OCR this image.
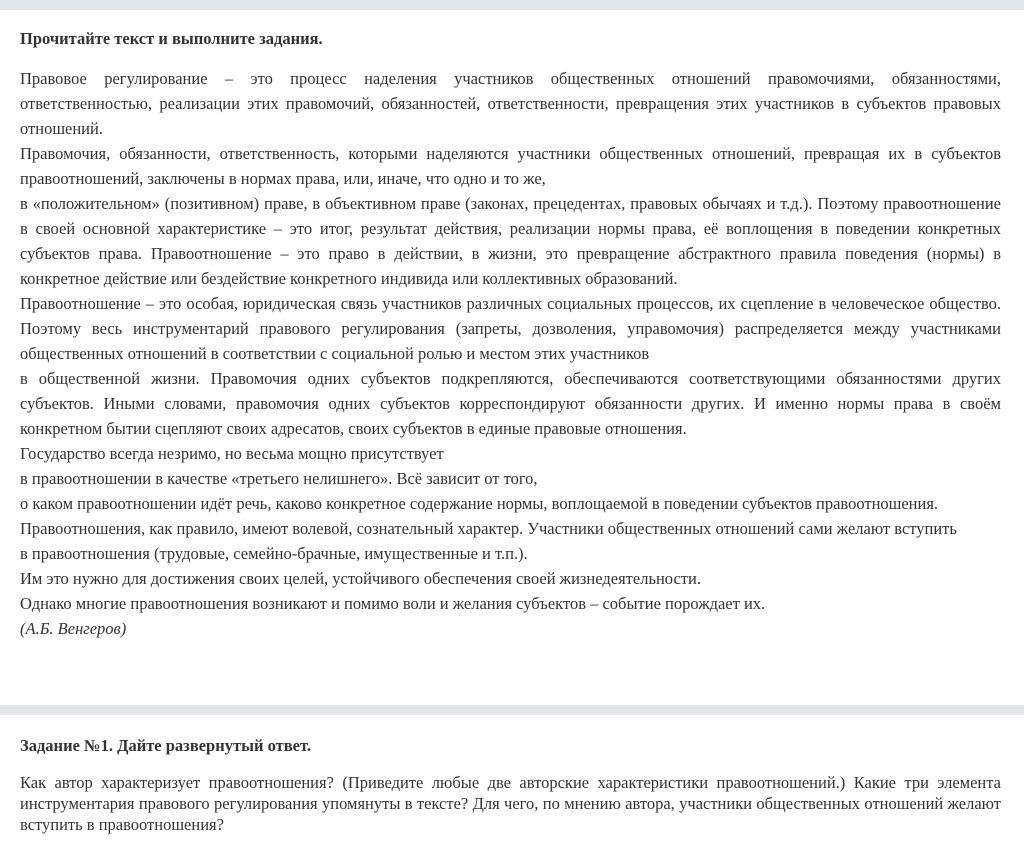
Прочитайте текст и выполните задания.

Правовое регулирование – это процесс наделения участников общественных отношений правомочиями, обязанностями, ответственностью, реализации этих правомочий, обязанностей, ответственности, превращения этих участников в субъектов правовых отношений.

Правомочия, обязанности, ответственность, которыми наделяются участники общественных отношений, превращая их в субъектов правоотношений, заключены в нормах права, или, иначе, что одно и то же,

в «положительном» (позитивном) праве, в объективном праве (законах, прецедентах, правовых обычаях и т.д.). Поэтому правоотношение в своей основной характеристике – это итог, результат действия, реализации нормы права, её воплощения в поведении конкретных субъектов права. Правоотношение – это право в действии, в жизни, это превращение абстрактного правила поведения (нормы) в конкретное действие или бездействие конкретного индивида или коллективных образований.

Правоотношение – это особая, юридическая связь участников различных социальных процессов, их сцепление в человеческое общество. Поэтому весь инструментарий правового регулирования (запреты, дозволения, управомочия) распределяется между участниками общественных отношений в соответствии с социальной ролью и местом этих участников

в общественной жизни. Правомочия одних субъектов подкрепляются, обеспечиваются соответствующими обязанностями других субъектов. Иными словами, правомочия одних субъектов корреспондируют обязанности других. И именно нормы права в своём конкретном бытии сцепляют своих адресатов, своих субъектов в единые правовые отношения.

Государство всегда незримо, но весьма мощно присутствует

в правоотношении в качестве «третьего нелишнего». Всё зависит от того,

о каком правоотношении идёт речь, каково конкретное содержание нормы, воплощаемой в поведении субъектов правоотношения.

Правоотношения, как правило, имеют волевой, сознательный характер. Участники общественных отношений сами желают вступить

в правоотношения (трудовые, семейно-брачные, имущественные и т.п.).

Им это нужно для достижения своих целей, устойчивого обеспечения своей жизнедеятельности.

Однако многие правоотношения возникают и помимо воли и желания субъектов – событие порождает их.

(А.Б. Венгеров)

Задание №1. Дайте развернутый ответ.

Как автор характеризует правоотношения? (Приведите любые две авторские характеристики правоотношений.) Какие три элемента инструментария правового регулирования упомянуты в тексте? Для чего, по мнению автора, участники общественных отношений желают вступить в правоотношения?
